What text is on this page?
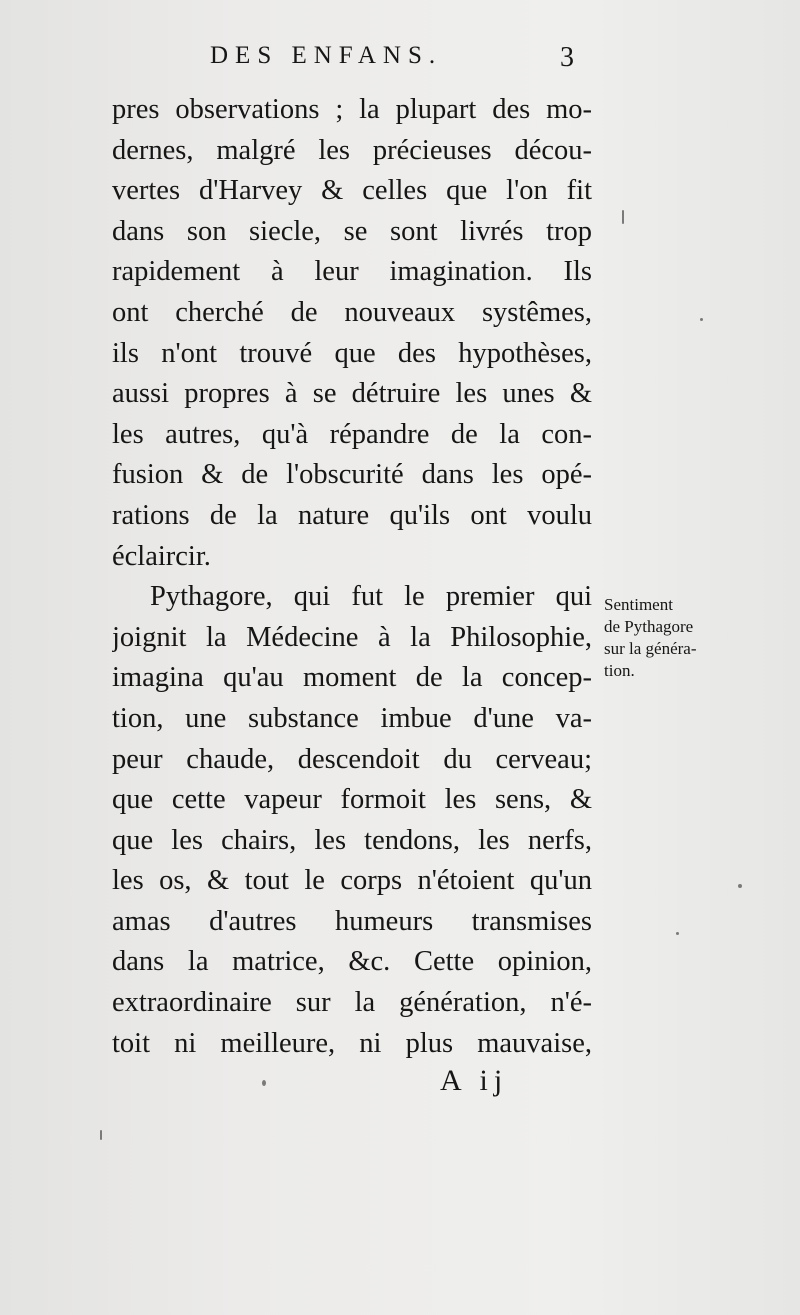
DES ENFANS.	3
pres observations ; la plupart des mo-
dernes, malgré les précieuses décou-
vertes d'Harvey & celles que l'on fit
dans son siecle, se sont livrés trop
rapidement à leur imagination. Ils
ont cherché de nouveaux systêmes,
ils n'ont trouvé que des hypothèses,
aussi propres à se détruire les unes &
les autres, qu'à répandre de la con-
fusion & de l'obscurité dans les opé-
rations de la nature qu'ils ont voulu
éclaircir.
Pythagore, qui fut le premier qui
joignit la Médecine à la Philosophie,
imagina qu'au moment de la concep-
tion, une substance imbue d'une va-
peur chaude, descendoit du cerveau;
que cette vapeur formoit les sens, &
que les chairs, les tendons, les nerfs,
les os, & tout le corps n'étoient qu'un
amas d'autres humeurs transmises
dans la matrice, &c. Cette opinion,
extraordinaire sur la génération, n'é-
toit ni meilleure, ni plus mauvaise,
Sentiment
de Pythagore
sur la généra-
tion.
A ij
